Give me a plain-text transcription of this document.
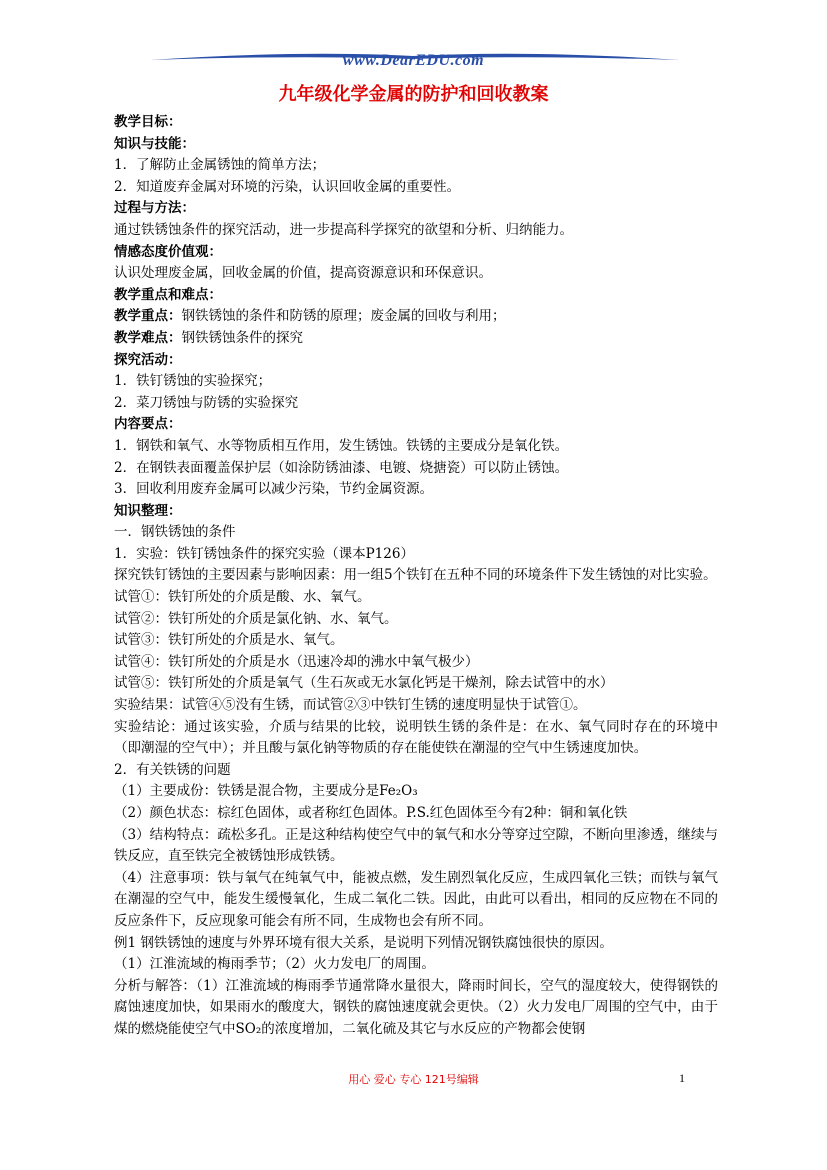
www.DearEDU.com
九年级化学金属的防护和回收教案
教学目标：
知识与技能：
1．了解防止金属锈蚀的简单方法；
2．知道废弃金属对环境的污染，认识回收金属的重要性。
过程与方法：
通过铁锈蚀条件的探究活动，进一步提高科学探究的欲望和分析、归纳能力。
情感态度价值观：
认识处理废金属，回收金属的价值，提高资源意识和环保意识。
教学重点和难点：
教学重点：钢铁锈蚀的条件和防锈的原理；废金属的回收与利用；
教学难点：钢铁锈蚀条件的探究
探究活动：
1．铁钉锈蚀的实验探究；
2．菜刀锈蚀与防锈的实验探究
内容要点：
1．钢铁和氧气、水等物质相互作用，发生锈蚀。铁锈的主要成分是氧化铁。
2．在钢铁表面覆盖保护层（如涂防锈油漆、电镀、烧搪瓷）可以防止锈蚀。
3．回收利用废弃金属可以减少污染，节约金属资源。
知识整理：
一．钢铁锈蚀的条件
1．实验：铁钉锈蚀条件的探究实验（课本P126）
探究铁钉锈蚀的主要因素与影响因素：用一组5个铁钉在五种不同的环境条件下发生锈蚀的对比实验。
试管①：铁钉所处的介质是酸、水、氧气。
试管②：铁钉所处的介质是氯化钠、水、氧气。
试管③：铁钉所处的介质是水、氧气。
试管④：铁钉所处的介质是水（迅速冷却的沸水中氧气极少）
试管⑤：铁钉所处的介质是氧气（生石灰或无水氯化钙是干燥剂，除去试管中的水）
实验结果：试管④⑤没有生锈，而试管②③中铁钉生锈的速度明显快于试管①。
实验结论：通过该实验，介质与结果的比较，说明铁生锈的条件是：在水、氧气同时存在的环境中（即潮湿的空气中）；并且酸与氯化钠等物质的存在能使铁在潮湿的空气中生锈速度加快。
2．有关铁锈的问题
（1）主要成份：铁锈是混合物，主要成分是Fe₂O₃
（2）颜色状态：棕红色固体，或者称红色固体。P.S.红色固体至今有2种：铜和氧化铁
（3）结构特点：疏松多孔。正是这种结构使空气中的氧气和水分等穿过空隙，不断向里渗透，继续与铁反应，直至铁完全被锈蚀形成铁锈。
（4）注意事项：铁与氧气在纯氧气中，能被点燃，发生剧烈氧化反应，生成四氧化三铁；而铁与氧气在潮湿的空气中，能发生缓慢氧化，生成二氧化二铁。因此，由此可以看出，相同的反应物在不同的反应条件下，反应现象可能会有所不同，生成物也会有所不同。
例1 钢铁锈蚀的速度与外界环境有很大关系，是说明下列情况钢铁腐蚀很快的原因。
（1）江淮流域的梅雨季节；（2）火力发电厂的周围。
分析与解答：（1）江淮流域的梅雨季节通常降水量很大，降雨时间长，空气的湿度较大，使得钢铁的腐蚀速度加快，如果雨水的酸度大，钢铁的腐蚀速度就会更快。（2）火力发电厂周围的空气中，由于煤的燃烧能使空气中SO₂的浓度增加，二氧化硫及其它与水反应的产物都会使钢
用心 爱心 专心 121号编辑	1
